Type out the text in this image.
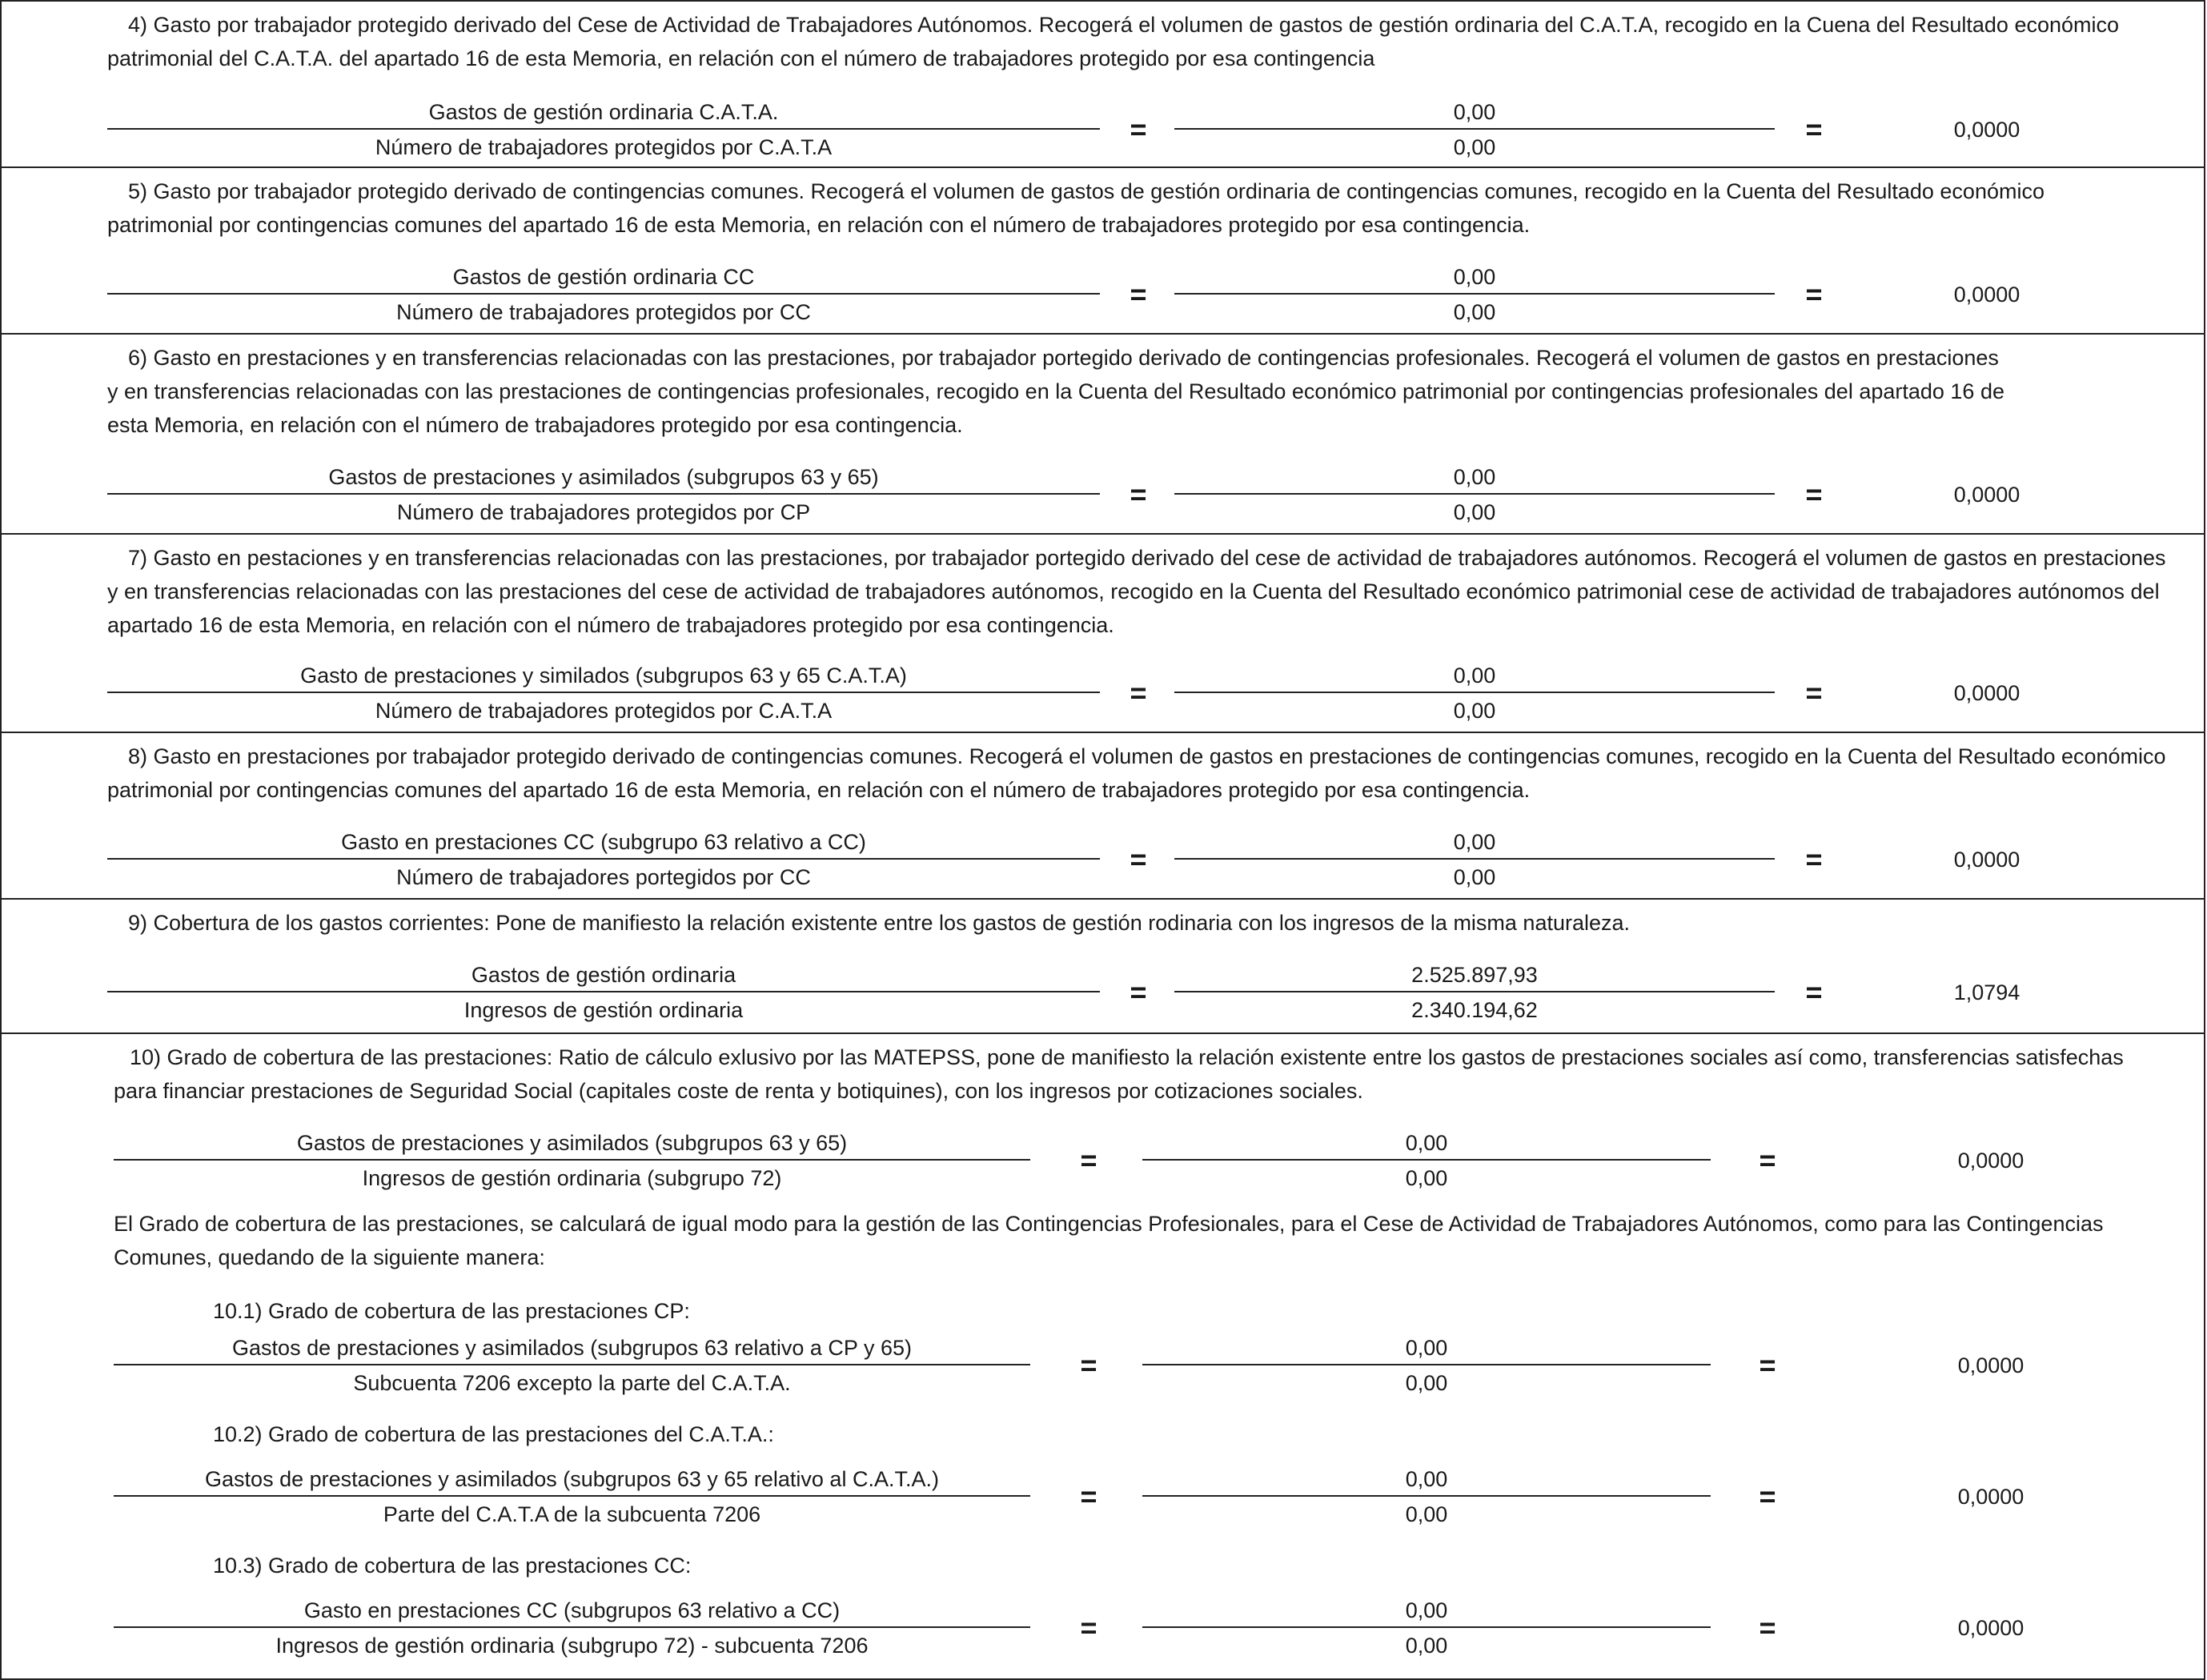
4) Gasto por trabajador protegido derivado del Cese de Actividad de Trabajadores Autónomos. Recogerá el volumen de gastos de gestión ordinaria del C.A.T.A, recogido en la Cuena del Resultado económico patrimonial del C.A.T.A. del apartado 16 de esta Memoria, en relación con el número de trabajadores protegido por esa contingencia
Gastos de gestión ordinaria C.A.T.A.
Número de trabajadores protegidos por C.A.T.A
=
0,00
0,00
=	0,0000
5) Gasto por trabajador protegido derivado de contingencias comunes. Recogerá el volumen de gastos de gestión ordinaria de contingencias comunes, recogido en la Cuenta del Resultado económico patrimonial por contingencias comunes del apartado 16 de esta Memoria, en relación con el número de trabajadores protegido por esa contingencia.
Gastos de gestión ordinaria CC
Número de trabajadores protegidos por CC
=
0,00
0,00
=	0,0000
6) Gasto en prestaciones y en transferencias relacionadas con las prestaciones, por trabajador portegido derivado de contingencias profesionales. Recogerá el volumen de gastos en prestaciones y en transferencias relacionadas con las prestaciones de contingencias profesionales, recogido en la Cuenta del Resultado económico patrimonial por contingencias profesionales del apartado 16 de esta Memoria, en relación con el número de trabajadores protegido por esa contingencia.
Gastos de prestaciones y asimilados (subgrupos 63 y 65)
Número de trabajadores protegidos por CP
=
0,00
0,00
=	0,0000
7) Gasto en pestaciones y en transferencias relacionadas con las prestaciones, por trabajador portegido derivado del cese de actividad de trabajadores autónomos. Recogerá el volumen de gastos en prestaciones y en transferencias relacionadas con las prestaciones del cese de actividad de trabajadores autónomos, recogido en la Cuenta del Resultado económico patrimonial cese de actividad de trabajadores autónomos del apartado 16 de esta Memoria, en relación con el número de trabajadores protegido por esa contingencia.
Gasto de prestaciones y similados (subgrupos 63 y 65 C.A.T.A)
Número de trabajadores protegidos por C.A.T.A
=
0,00
0,00
=	0,0000
8) Gasto en prestaciones por trabajador protegido derivado de contingencias comunes. Recogerá el volumen de gastos en prestaciones de contingencias comunes, recogido en la Cuenta del Resultado económico patrimonial por contingencias comunes del apartado 16 de esta Memoria, en relación con el número de trabajadores protegido por esa contingencia.
Gasto en prestaciones CC (subgrupo 63 relativo a CC)
Número de trabajadores portegidos por CC
=
0,00
0,00
=	0,0000
9) Cobertura de los gastos corrientes: Pone de manifiesto la relación existente entre los gastos de gestión rodinaria con los ingresos de la misma naturaleza.
Gastos de gestión ordinaria
Ingresos de gestión ordinaria
=
2.525.897,93
2.340.194,62
=	1,0794
10) Grado de cobertura de las prestaciones: Ratio de cálculo exlusivo por las MATEPSS, pone de manifiesto la relación existente entre los gastos de prestaciones sociales así como, transferencias satisfechas para financiar prestaciones de Seguridad Social (capitales coste de renta y botiquines), con los ingresos por cotizaciones sociales.
Gastos de prestaciones y asimilados (subgrupos 63 y 65)
Ingresos de gestión ordinaria (subgrupo 72)
=
0,00
0,00
=	0,0000
El Grado de cobertura de las prestaciones, se calculará de igual modo para la gestión de las Contingencias Profesionales, para el Cese de Actividad de Trabajadores Autónomos, como para las Contingencias Comunes, quedando de la siguiente manera:
10.1) Grado de cobertura de las prestaciones CP:
Gastos de prestaciones y asimilados (subgrupos 63 relativo a CP y 65)
Subcuenta 7206 excepto la parte del C.A.T.A.
=
0,00
0,00
=	0,0000
10.2) Grado de cobertura de las prestaciones del C.A.T.A.:
Gastos de prestaciones y asimilados (subgrupos 63 y 65 relativo al C.A.T.A.)
Parte del C.A.T.A de la subcuenta 7206
=
0,00
0,00
=	0,0000
10.3) Grado de cobertura de las prestaciones CC:
Gasto en prestaciones CC (subgrupos 63 relativo a CC)
Ingresos de gestión ordinaria (subgrupo 72) - subcuenta 7206
=
0,00
0,00
=	0,0000
